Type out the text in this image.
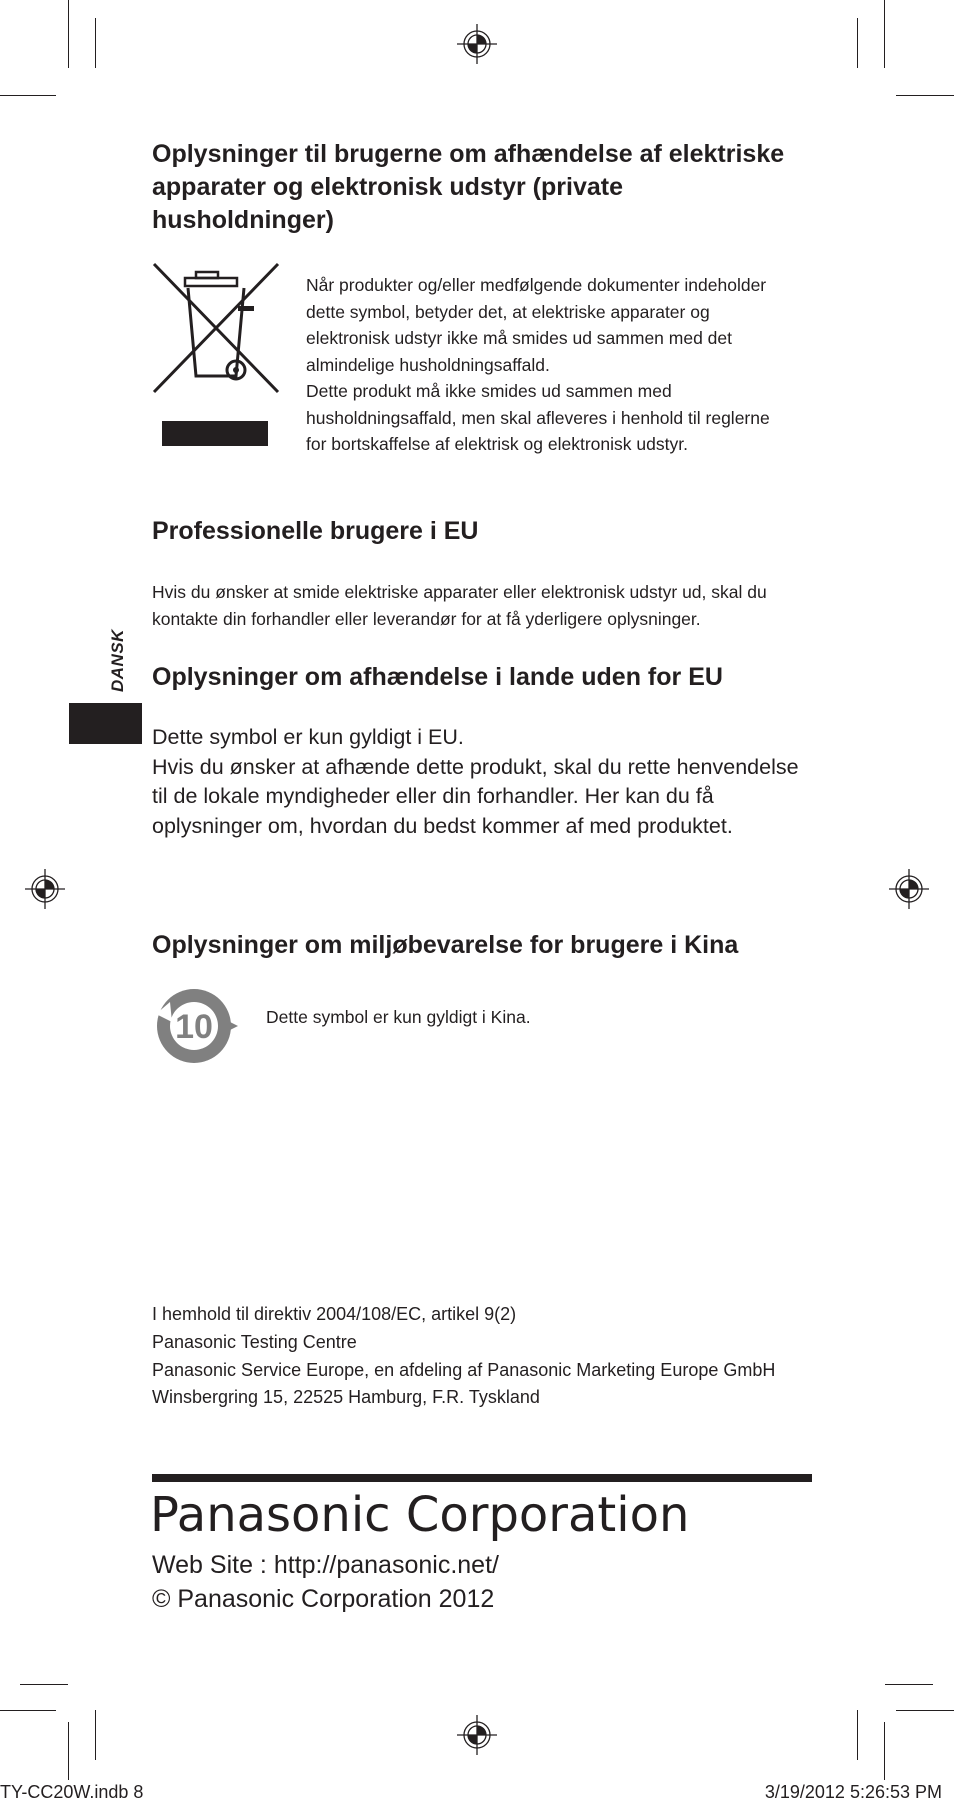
Oplysninger til brugerne om afhændelse af elektriske apparater og elektronisk udstyr (private husholdninger)
Når produkter og/eller medfølgende dokumenter indeholder dette symbol, betyder det, at elektriske apparater og elektronisk udstyr ikke må smides ud sammen med det almindelige husholdningsaffald.
Dette produkt må ikke smides ud sammen med husholdningsaffald, men skal afleveres i henhold til reglerne for bortskaffelse af elektrisk og elektronisk udstyr.
Professionelle brugere i EU
Hvis du ønsker at smide elektriske apparater eller elektronisk udstyr ud, skal du kontakte din forhandler eller leverandør for at få yderligere oplysninger.
DANSK Oplysninger om afhændelse i lande uden for EU
Dette symbol er kun gyldigt i EU.
Hvis du ønsker at afhænde dette produkt, skal du rette henvendelse til de lokale myndigheder eller din forhandler. Her kan du få oplysninger om, hvordan du bedst kommer af med produktet.
Oplysninger om miljøbevarelse for brugere i Kina
10	Dette symbol er kun gyldigt i Kina.
I hemhold til direktiv 2004/108/EC, artikel 9(2)
Panasonic Testing Centre
Panasonic Service Europe, en afdeling af Panasonic Marketing Europe GmbH
Winsbergring 15, 22525 Hamburg, F.R. Tyskland
Panasonic Corporation
Web Site : http://panasonic.net/
© Panasonic Corporation 2012
TY-CC20W.indb 8	3/19/2012 5:26:53 PM
